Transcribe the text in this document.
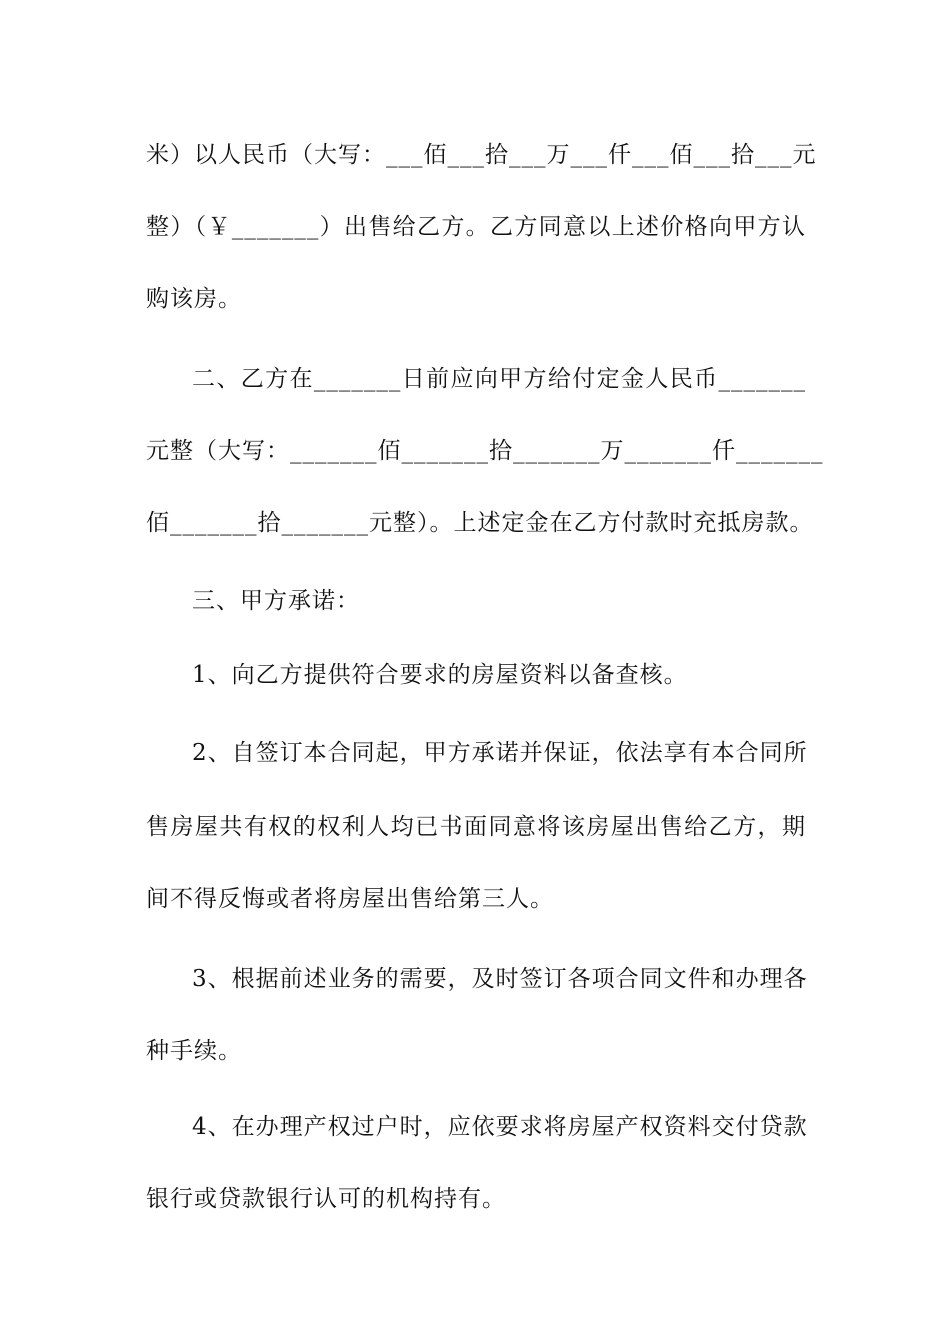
米）以人民币（大写：___佰___拾___万___仟___佰___拾___元
整）（￥_______）出售给乙方。乙方同意以上述价格向甲方认
购该房。
二、乙方在_______日前应向甲方给付定金人民币_______
元整（大写：_______佰_______拾_______万_______仟_______
佰_______拾_______元整）。上述定金在乙方付款时充抵房款。
三、甲方承诺：
1、向乙方提供符合要求的房屋资料以备查核。
2、自签订本合同起，甲方承诺并保证，依法享有本合同所
售房屋共有权的权利人均已书面同意将该房屋出售给乙方，期
间不得反悔或者将房屋出售给第三人。
3、根据前述业务的需要，及时签订各项合同文件和办理各
种手续。
4、在办理产权过户时，应依要求将房屋产权资料交付贷款
银行或贷款银行认可的机构持有。
